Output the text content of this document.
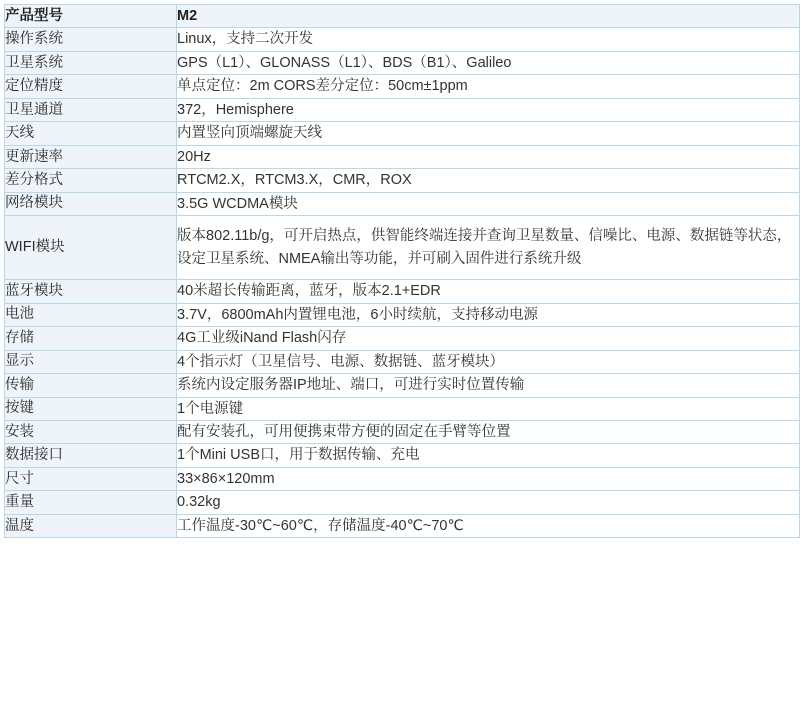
产品型号	M2

操作系统	Linux，支持二次开发

卫星系统	GPS（L1）、GLONASS（L1）、BDS（B1）、Galileo

定位精度	单点定位：2m CORS差分定位：50cm±1ppm

卫星通道	372，Hemisphere

天线	内置竖向顶端螺旋天线

更新速率	20Hz

差分格式	RTCM2.X，RTCM3.X，CMR，ROX

网络模块	3.5G WCDMA模块

WIFI模块	版本802.11b/g，可开启热点，供智能终端连接并查询卫星数量、信噪比、电源、数据链等状态，设定卫星系统、NMEA输出等功能，并可刷入固件进行系统升级

蓝牙模块	40米超长传输距离，蓝牙，版本2.1+EDR

电池	3.7V，6800mAh内置锂电池，6小时续航，支持移动电源

存储	4G工业级iNand Flash闪存

显示	4个指示灯（卫星信号、电源、数据链、蓝牙模块）

传输	系统内设定服务器IP地址、端口，可进行实时位置传输

按键	1个电源键

安装	配有安装孔，可用便携束带方便的固定在手臂等位置

数据接口	1个Mini USB口，用于数据传输、充电

尺寸	33×86×120mm

重量	0.32kg

温度	工作温度-30℃~60℃，存储温度-40℃~70℃
